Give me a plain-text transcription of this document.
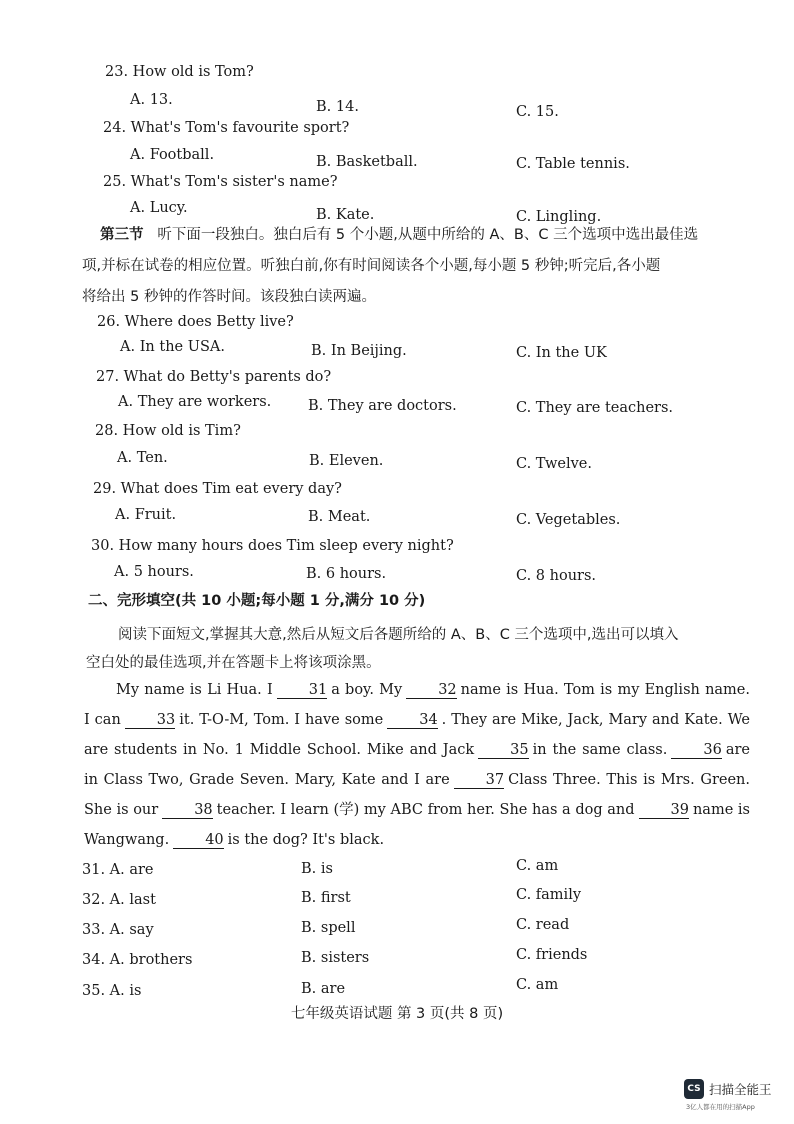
23. How old is Tom?
A. 13.	B. 14.	C. 15.
24. What's Tom's favourite sport?
A. Football.	B. Basketball.	C. Table tennis.
25. What's Tom's sister's name?
A. Lucy.	B. Kate.	C. Lingling.
第三节 听下面一段独白。独白后有 5 个小题,从题中所给的 A、B、C 三个选项中选出最佳选
项,并标在试卷的相应位置。听独白前,你有时间阅读各个小题,每小题 5 秒钟;听完后,各小题
将给出 5 秒钟的作答时间。该段独白读两遍。
26. Where does Betty live?
A. In the USA.	B. In Beijing.	C. In the UK
27. What do Betty's parents do?
A. They are workers.	B. They are doctors.	C. They are teachers.
28. How old is Tim?
A. Ten.	B. Eleven.	C. Twelve.
29. What does Tim eat every day?
A. Fruit.	B. Meat.	C. Vegetables.
30. How many hours does Tim sleep every night?
A. 5 hours.	B. 6 hours.	C. 8 hours.
二、完形填空(共 10 小题;每小题 1 分,满分 10 分)
阅读下面短文,掌握其大意,然后从短文后各题所给的 A、B、C 三个选项中,选出可以填入
空白处的最佳选项,并在答题卡上将该项涂黑。
My name is Li Hua. I 31 a boy. My 32 name is Hua. Tom is my English name. I can 33 it. T-O-M, Tom. I have some 34 . They are Mike, Jack, Mary and Kate. We are students in No. 1 Middle School. Mike and Jack 35 in the same class. 36 are in Class Two, Grade Seven. Mary, Kate and I are 37 Class Three. This is Mrs. Green. She is our 38 teacher. I learn (学) my ABC from her. She has a dog and 39 name is Wangwang. 40 is the dog? It's black.
31. A. are	B. is	C. am
32. A. last	B. first	C. family
33. A. say	B. spell	C. read
34. A. brothers	B. sisters	C. friends
35. A. is	B. are	C. am
七年级英语试题 第 3 页(共 8 页)
CS 扫描全能王
3亿人都在用的扫描App
